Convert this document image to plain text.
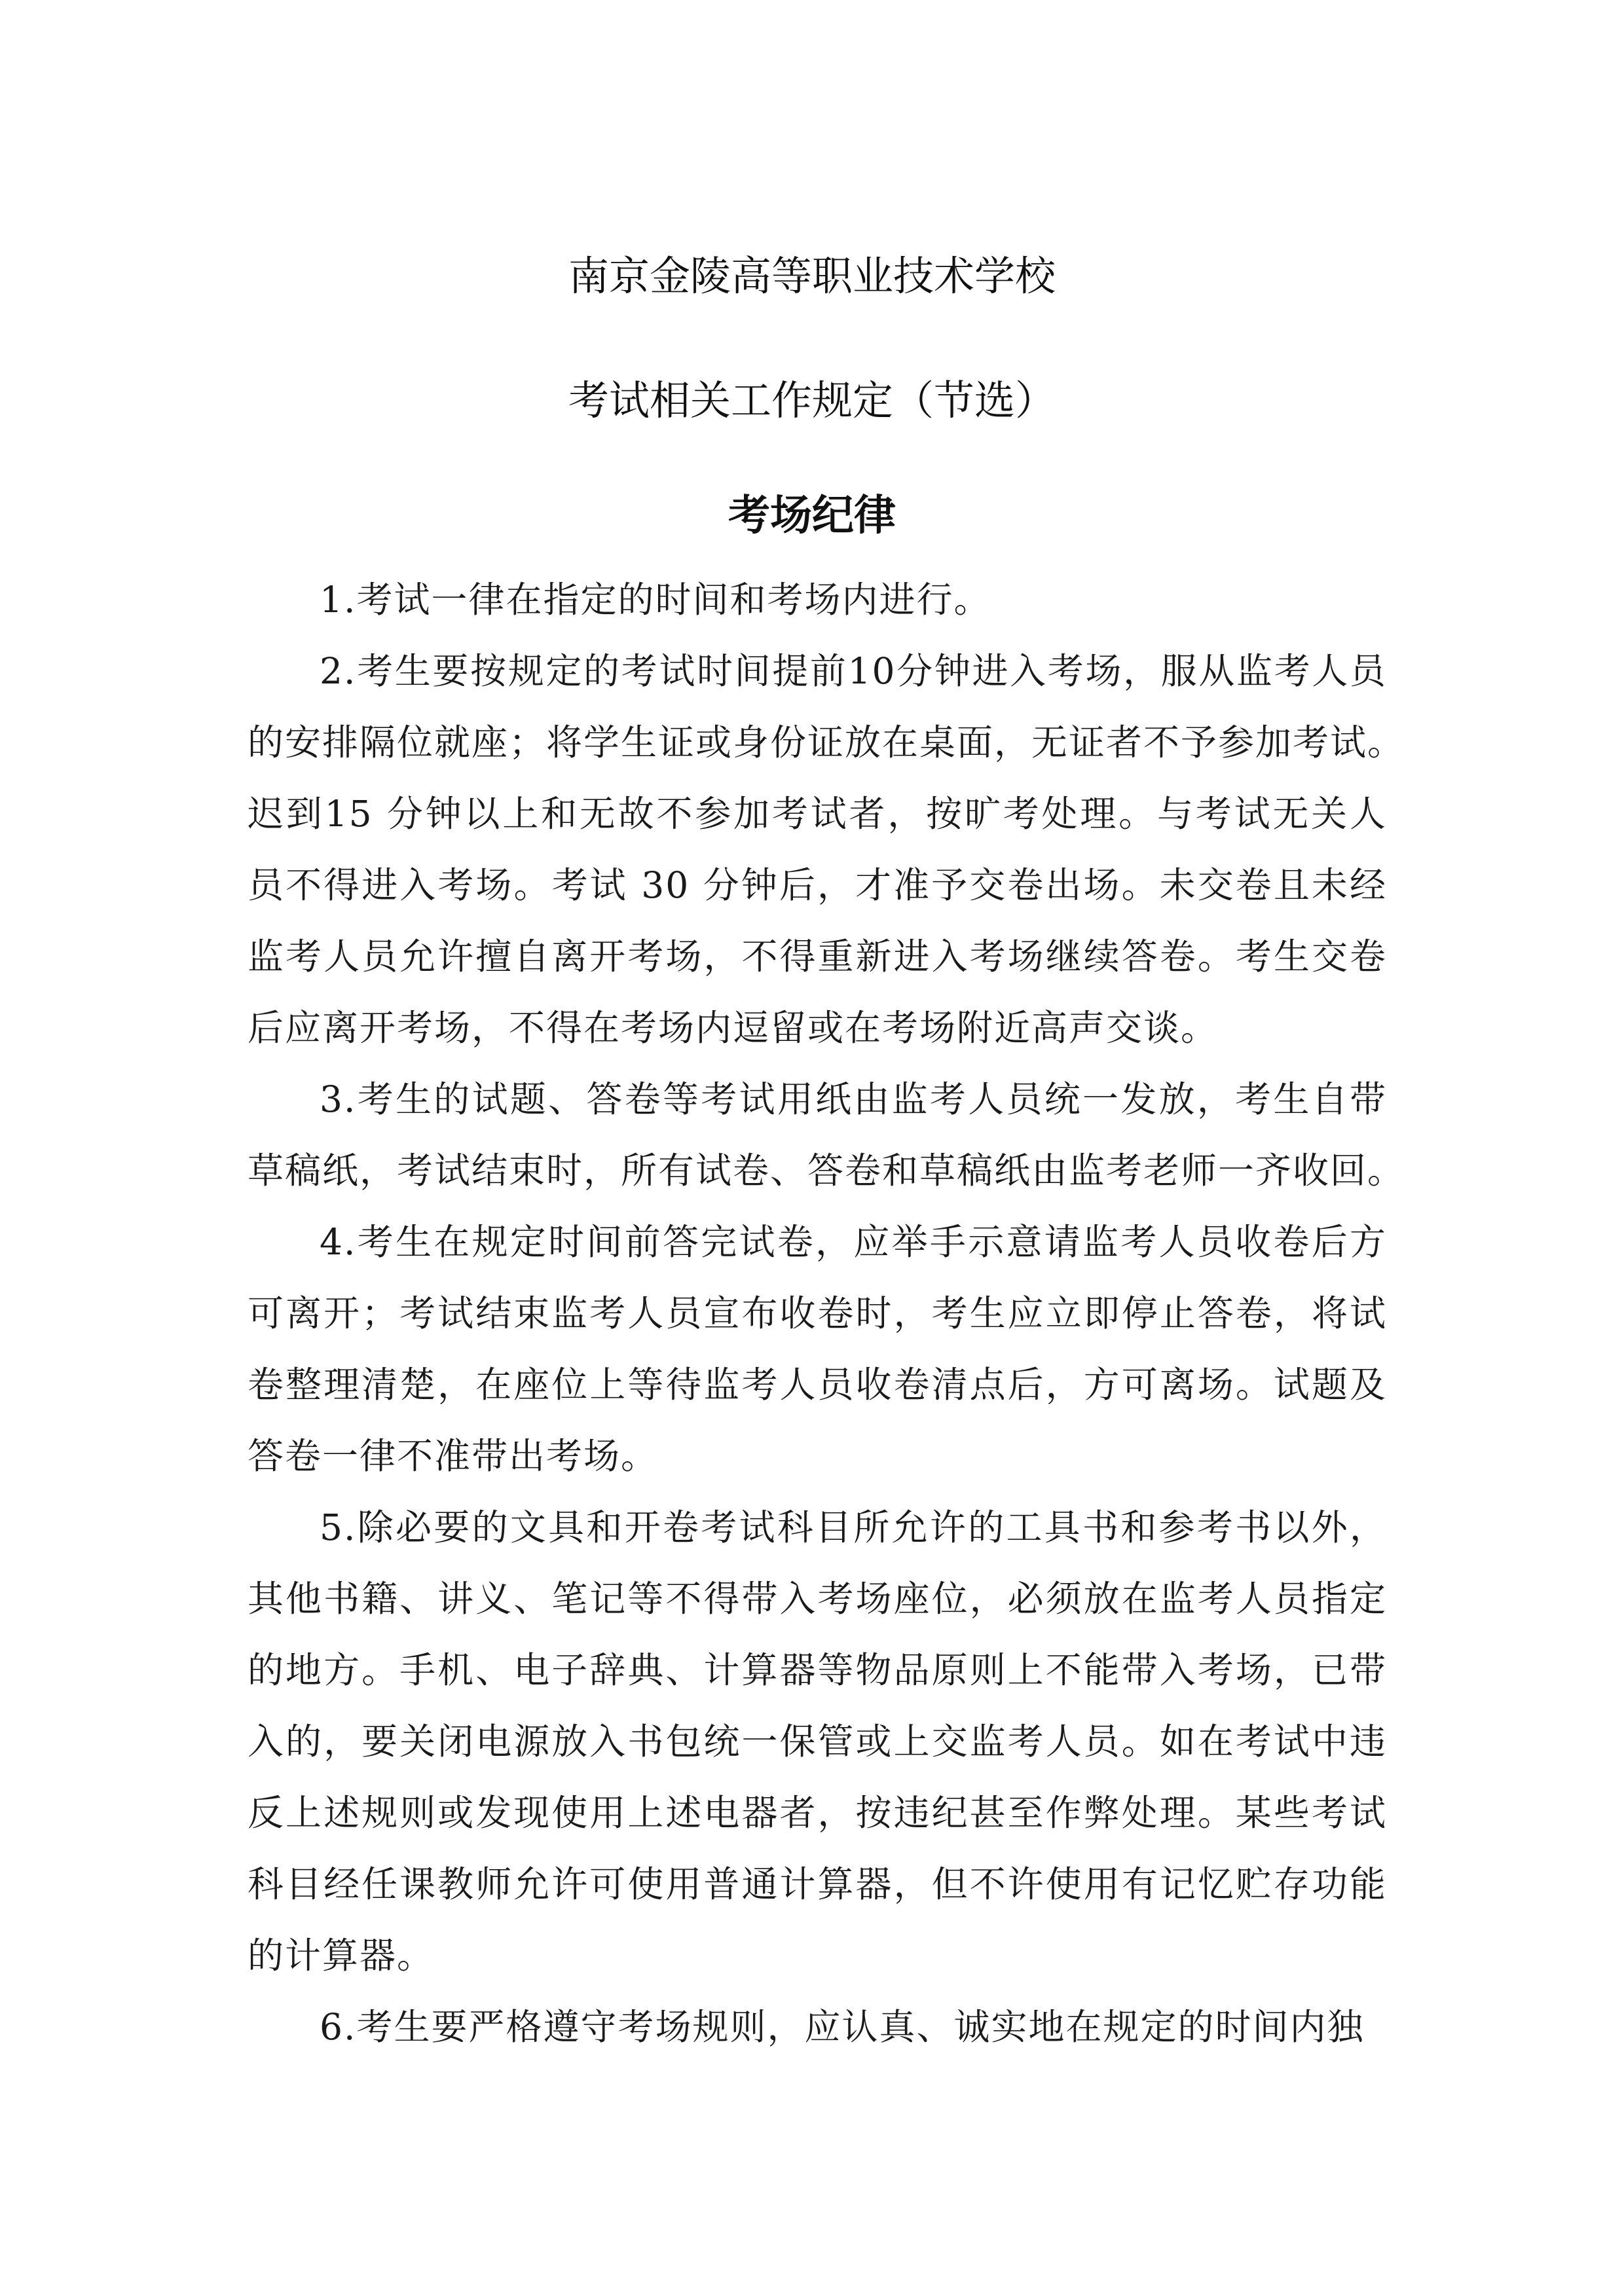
南京金陵高等职业技术学校
考试相关工作规定（节选）
考场纪律

1.考试一律在指定的时间和考场内进行。

2.考生要按规定的考试时间提前10分钟进入考场，服从监考人员
的安排隔位就座；将学生证或身份证放在桌面，无证者不予参加考试。
迟到15 分钟以上和无故不参加考试者，按旷考处理。与考试无关人
员不得进入考场。考试 30 分钟后，才准予交卷出场。未交卷且未经
监考人员允许擅自离开考场，不得重新进入考场继续答卷。考生交卷
后应离开考场，不得在考场内逗留或在考场附近高声交谈。

3.考生的试题、答卷等考试用纸由监考人员统一发放，考生自带
草稿纸，考试结束时，所有试卷、答卷和草稿纸由监考老师一齐收回。

4.考生在规定时间前答完试卷，应举手示意请监考人员收卷后方
可离开；考试结束监考人员宣布收卷时，考生应立即停止答卷，将试
卷整理清楚，在座位上等待监考人员收卷清点后，方可离场。试题及
答卷一律不准带出考场。

5.除必要的文具和开卷考试科目所允许的工具书和参考书以外，
其他书籍、讲义、笔记等不得带入考场座位，必须放在监考人员指定
的地方。手机、电子辞典、计算器等物品原则上不能带入考场，已带
入的，要关闭电源放入书包统一保管或上交监考人员。如在考试中违
反上述规则或发现使用上述电器者，按违纪甚至作弊处理。某些考试
科目经任课教师允许可使用普通计算器，但不许使用有记忆贮存功能
的计算器。

6.考生要严格遵守考场规则，应认真、诚实地在规定的时间内独
